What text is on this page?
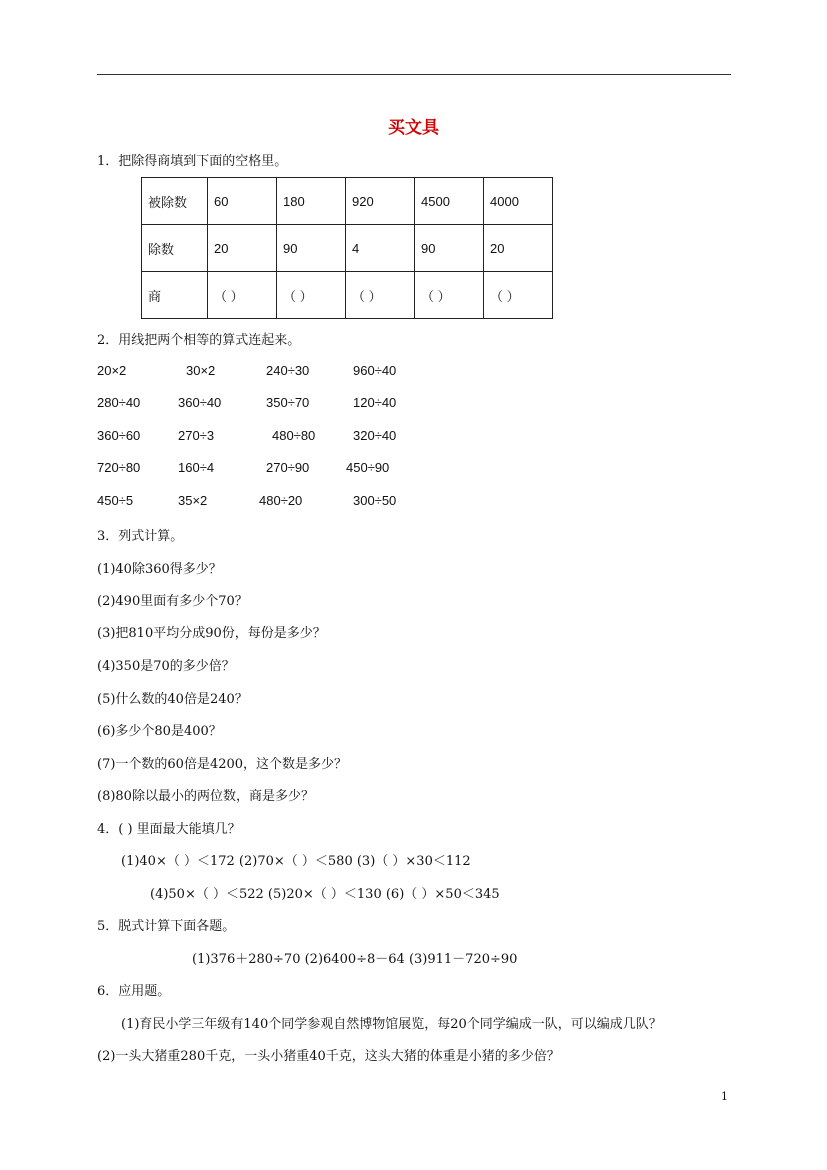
买文具
1．把除得商填到下面的空格里。
被除数	60	180	920	4500	4000
除数	20	90	4	90	20
商	（ ）	（ ）	（ ）	（ ）	（ ）
2．用线把两个相等的算式连起来。
20×2	30×2	240÷30	960÷40
280÷40	360÷40	350÷70	120÷40
360÷60	270÷3	480÷80	320÷40
720÷80	160÷4	270÷90	450÷90
450÷5	35×2	480÷20	300÷50
3．列式计算。
(1)40除360得多少？
(2)490里面有多少个70？
(3)把810平均分成90份，每份是多少？
(4)350是70的多少倍？
(5)什么数的40倍是240？
(6)多少个80是400？
(7)一个数的60倍是4200，这个数是多少？
(8)80除以最小的两位数，商是多少？
4．( ) 里面最大能填几？
(1)40×（ ）＜172 (2)70×（ ）＜580 (3)（ ）×30＜112
(4)50×（ ）＜522 (5)20×（ ）＜130 (6)（ ）×50＜345
5．脱式计算下面各题。
(1)376＋280÷70 (2)6400÷8－64 (3)911－720÷90
6．应用题。
(1)育民小学三年级有140个同学参观自然博物馆展览，每20个同学编成一队，可以编成几队？
(2)一头大猪重280千克，一头小猪重40千克，这头大猪的体重是小猪的多少倍？
1
